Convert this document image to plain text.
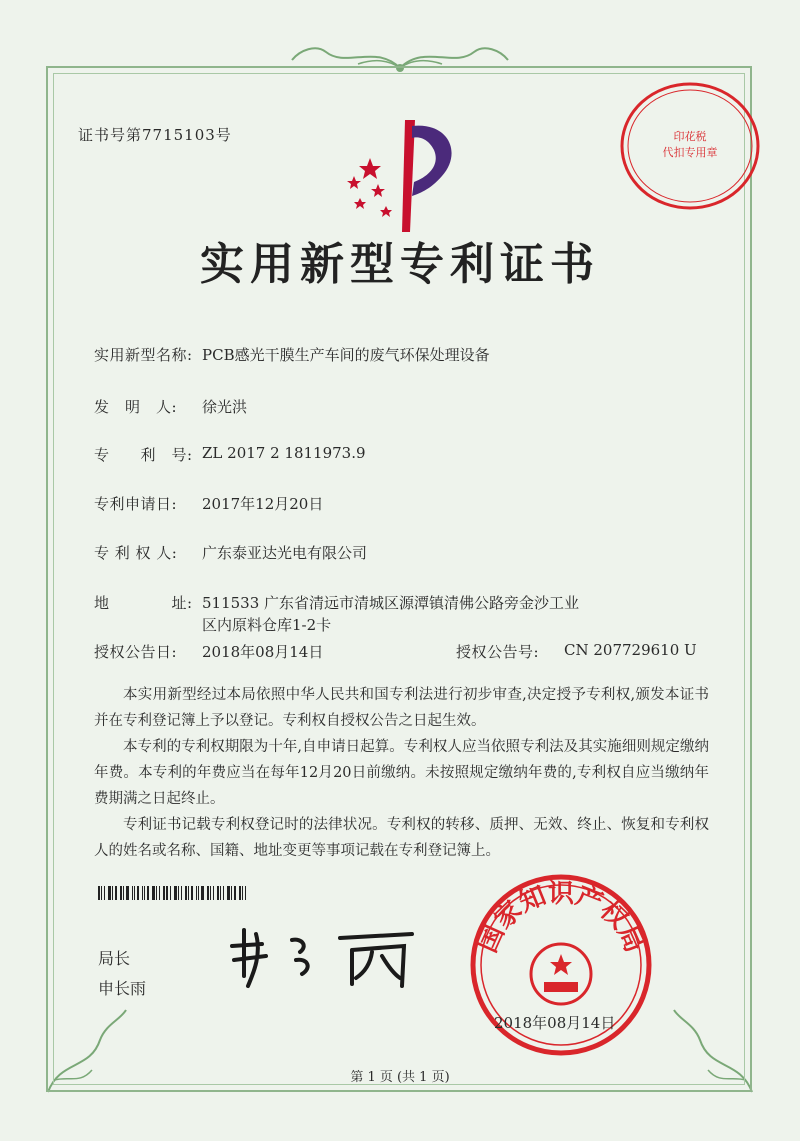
证书号第7715103号	印花税
代扣专用章
实用新型专利证书
实用新型名称: PCB感光干膜生产车间的废气环保处理设备
发　明　人: 徐光洪
专　　利　号: ZL 2017 2 1811973.9
专利申请日: 2017年12月20日
专 利 权 人: 广东泰亚达光电有限公司
地　　　　址: 511533 广东省清远市清城区源潭镇清佛公路旁金沙工业
区内原料仓库1-2卡
授权公告日: 2018年08月14日	授权公告号: CN 207729610 U

本实用新型经过本局依照中华人民共和国专利法进行初步审查,决定授予专利权,颁发本证书并在专利登记簿上予以登记。专利权自授权公告之日起生效。

本专利的专利权期限为十年,自申请日起算。专利权人应当依照专利法及其实施细则规定缴纳年费。本专利的年费应当在每年12月20日前缴纳。未按照规定缴纳年费的,专利权自应当缴纳年费期满之日起终止。

专利证书记载专利权登记时的法律状况。专利权的转移、质押、无效、终止、恢复和专利权人的姓名或名称、国籍、地址变更等事项记载在专利登记簿上。

局长
申长雨
国家知识产权局
2018年08月14日
第 1 页 (共 1 页)
